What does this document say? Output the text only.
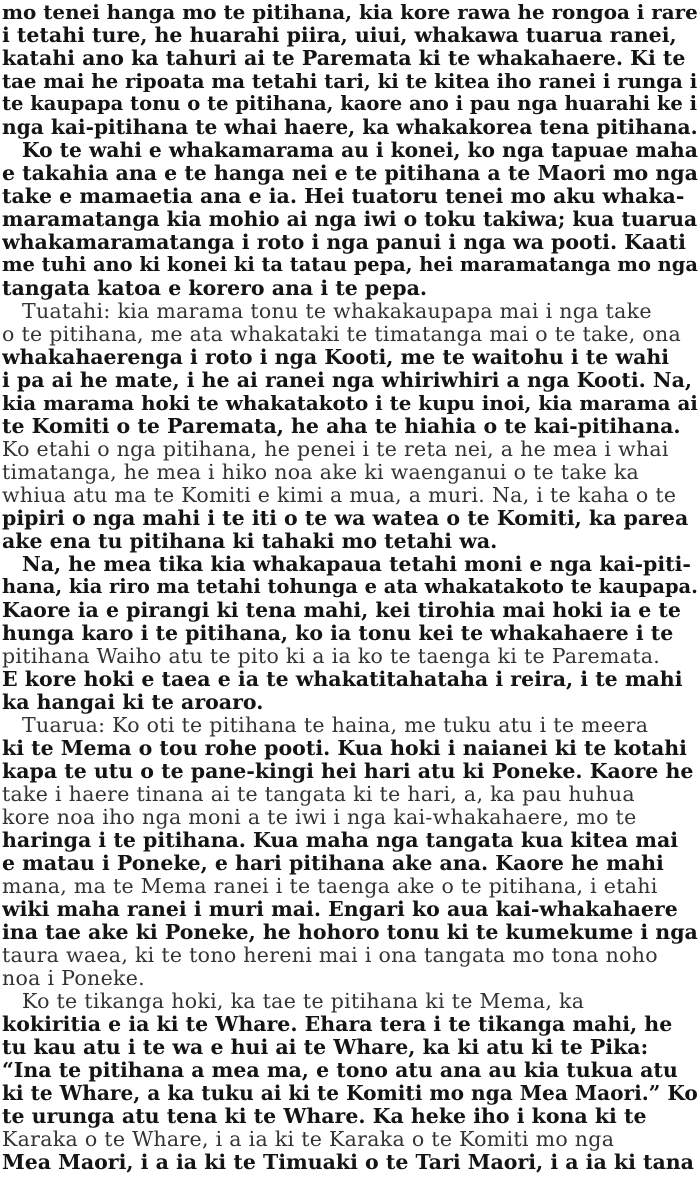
mo tenei hanga mo te pitihana, kia kore rawa he rongoa i rare
i tetahi ture, he huarahi piira, uiui, whakawa tuarua ranei,
katahi ano ka tahuri ai te Paremata ki te whakahaere. Ki te
tae mai he ripoata ma tetahi tari, ki te kitea iho ranei i runga i
te kaupapa tonu o te pitihana, kaore ano i pau nga huarahi ke i
nga kai-pitihana te whai haere, ka whakakorea tena pitihana.
Ko te wahi e whakamarama au i konei, ko nga tapuae maha
e takahia ana e te hanga nei e te pitihana a te Maori mo nga
take e mamaetia ana e ia. Hei tuatoru tenei mo aku whaka-
maramatanga kia mohio ai nga iwi o toku takiwa; kua tuarua
whakamaramatanga i roto i nga panui i nga wa pooti. Kaati
me tuhi ano ki konei ki ta tatau pepa, hei maramatanga mo nga
tangata katoa e korero ana i te pepa.
Tuatahi: kia marama tonu te whakakaupapa mai i nga take
o te pitihana, me ata whakataki te timatanga mai o te take, ona
whakahaerenga i roto i nga Kooti, me te waitohu i te wahi
i pa ai he mate, i he ai ranei nga whiriwhiri a nga Kooti. Na,
kia marama hoki te whakatakoto i te kupu inoi, kia marama ai
te Komiti o te Paremata, he aha te hiahia o te kai-pitihana.
Ko etahi o nga pitihana, he penei i te reta nei, a he mea i whai
timatanga, he mea i hiko noa ake ki waenganui o te take ka
whiua atu ma te Komiti e kimi a mua, a muri. Na, i te kaha o te
pipiri o nga mahi i te iti o te wa watea o te Komiti, ka parea
ake ena tu pitihana ki tahaki mo tetahi wa.
Na, he mea tika kia whakapaua tetahi moni e nga kai-piti-
hana, kia riro ma tetahi tohunga e ata whakatakoto te kaupapa.
Kaore ia e pirangi ki tena mahi, kei tirohia mai hoki ia e te
hunga karo i te pitihana, ko ia tonu kei te whakahaere i te
pitihana Waiho atu te pito ki a ia ko te taenga ki te Paremata.
E kore hoki e taea e ia te whakatitahataha i reira, i te mahi
ka hangai ki te aroaro.
Tuarua: Ko oti te pitihana te haina, me tuku atu i te meera
ki te Mema o tou rohe pooti. Kua hoki i naianei ki te kotahi
kapa te utu o te pane-kingi hei hari atu ki Poneke. Kaore he
take i haere tinana ai te tangata ki te hari, a, ka pau huhua
kore noa iho nga moni a te iwi i nga kai-whakahaere, mo te
haringa i te pitihana. Kua maha nga tangata kua kitea mai
e matau i Poneke, e hari pitihana ake ana. Kaore he mahi
mana, ma te Mema ranei i te taenga ake o te pitihana, i etahi
wiki maha ranei i muri mai. Engari ko aua kai-whakahaere
ina tae ake ki Poneke, he hohoro tonu ki te kumekume i nga
taura waea, ki te tono hereni mai i ona tangata mo tona noho
noa i Poneke.
Ko te tikanga hoki, ka tae te pitihana ki te Mema, ka
kokiritia e ia ki te Whare. Ehara tera i te tikanga mahi, he
tu kau atu i te wa e hui ai te Whare, ka ki atu ki te Pika:
“Ina te pitihana a mea ma, e tono atu ana au kia tukua atu
ki te Whare, a ka tuku ai ki te Komiti mo nga Mea Maori.” Ko
te urunga atu tena ki te Whare. Ka heke iho i kona ki te
Karaka o te Whare, i a ia ki te Karaka o te Komiti mo nga
Mea Maori, i a ia ki te Timuaki o te Tari Maori, i a ia ki tana
